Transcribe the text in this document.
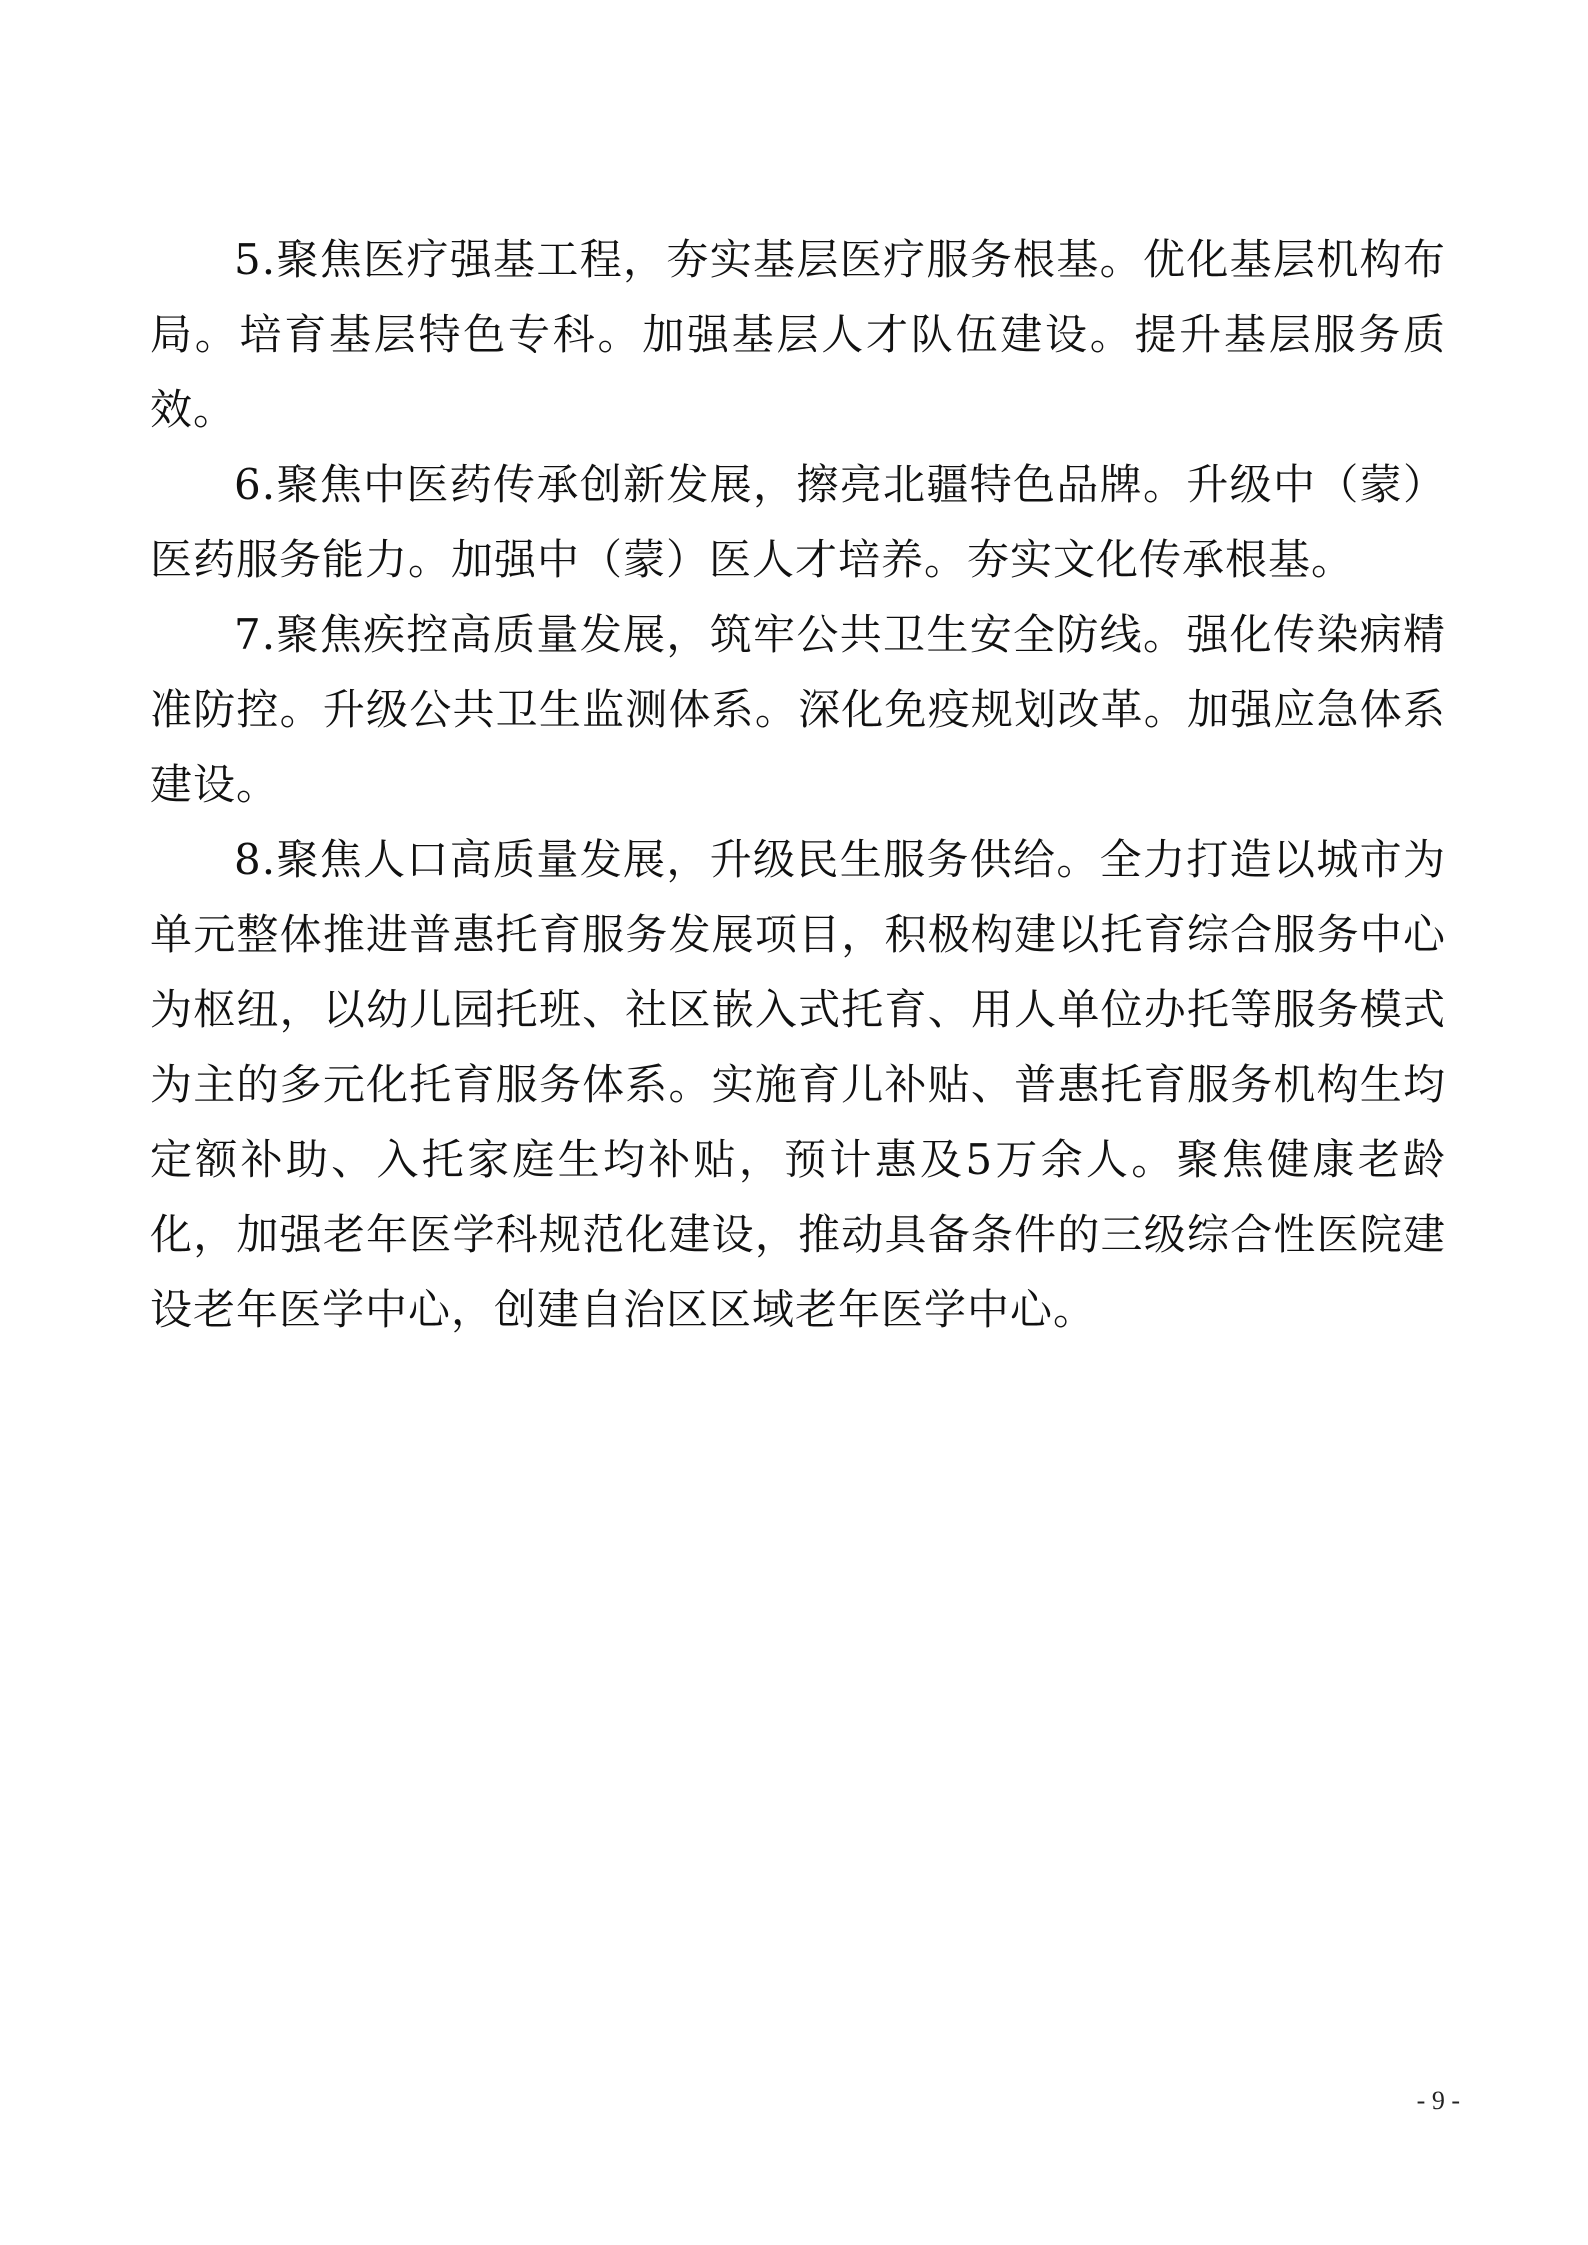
5.聚焦医疗强基工程，夯实基层医疗服务根基。优化基层机构布局。培育基层特色专科。加强基层人才队伍建设。提升基层服务质效。

6.聚焦中医药传承创新发展，擦亮北疆特色品牌。升级中（蒙）医药服务能力。加强中（蒙）医人才培养。夯实文化传承根基。

7.聚焦疾控高质量发展，筑牢公共卫生安全防线。强化传染病精准防控。升级公共卫生监测体系。深化免疫规划改革。加强应急体系建设。

8.聚焦人口高质量发展，升级民生服务供给。全力打造以城市为单元整体推进普惠托育服务发展项目，积极构建以托育综合服务中心为枢纽，以幼儿园托班、社区嵌入式托育、用人单位办托等服务模式为主的多元化托育服务体系。实施育儿补贴、普惠托育服务机构生均定额补助、入托家庭生均补贴，预计惠及5万余人。聚焦健康老龄化，加强老年医学科规范化建设，推动具备条件的三级综合性医院建设老年医学中心，创建自治区区域老年医学中心。

- 9 -
